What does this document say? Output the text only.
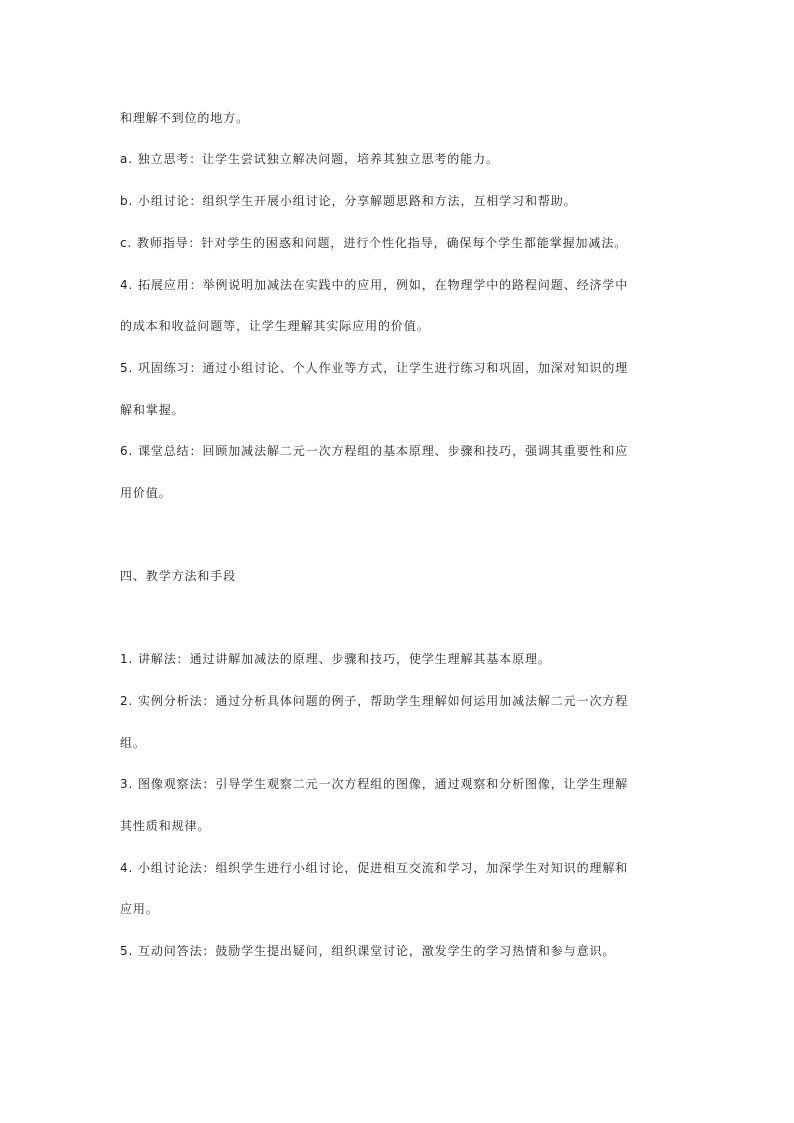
和理解不到位的地方。
a. 独立思考：让学生尝试独立解决问题，培养其独立思考的能力。
b. 小组讨论：组织学生开展小组讨论，分享解题思路和方法，互相学习和帮助。
c. 教师指导：针对学生的困惑和问题，进行个性化指导，确保每个学生都能掌握加减法。
4. 拓展应用：举例说明加减法在实践中的应用，例如，在物理学中的路程问题、经济学中
的成本和收益问题等，让学生理解其实际应用的价值。
5. 巩固练习：通过小组讨论、个人作业等方式，让学生进行练习和巩固，加深对知识的理
解和掌握。
6. 课堂总结：回顾加减法解二元一次方程组的基本原理、步骤和技巧，强调其重要性和应
用价值。
四、教学方法和手段
1. 讲解法：通过讲解加减法的原理、步骤和技巧，使学生理解其基本原理。
2. 实例分析法：通过分析具体问题的例子，帮助学生理解如何运用加减法解二元一次方程
组。
3. 图像观察法：引导学生观察二元一次方程组的图像，通过观察和分析图像，让学生理解
其性质和规律。
4. 小组讨论法：组织学生进行小组讨论，促进相互交流和学习，加深学生对知识的理解和
应用。
5. 互动问答法：鼓励学生提出疑问，组织课堂讨论，激发学生的学习热情和参与意识。
